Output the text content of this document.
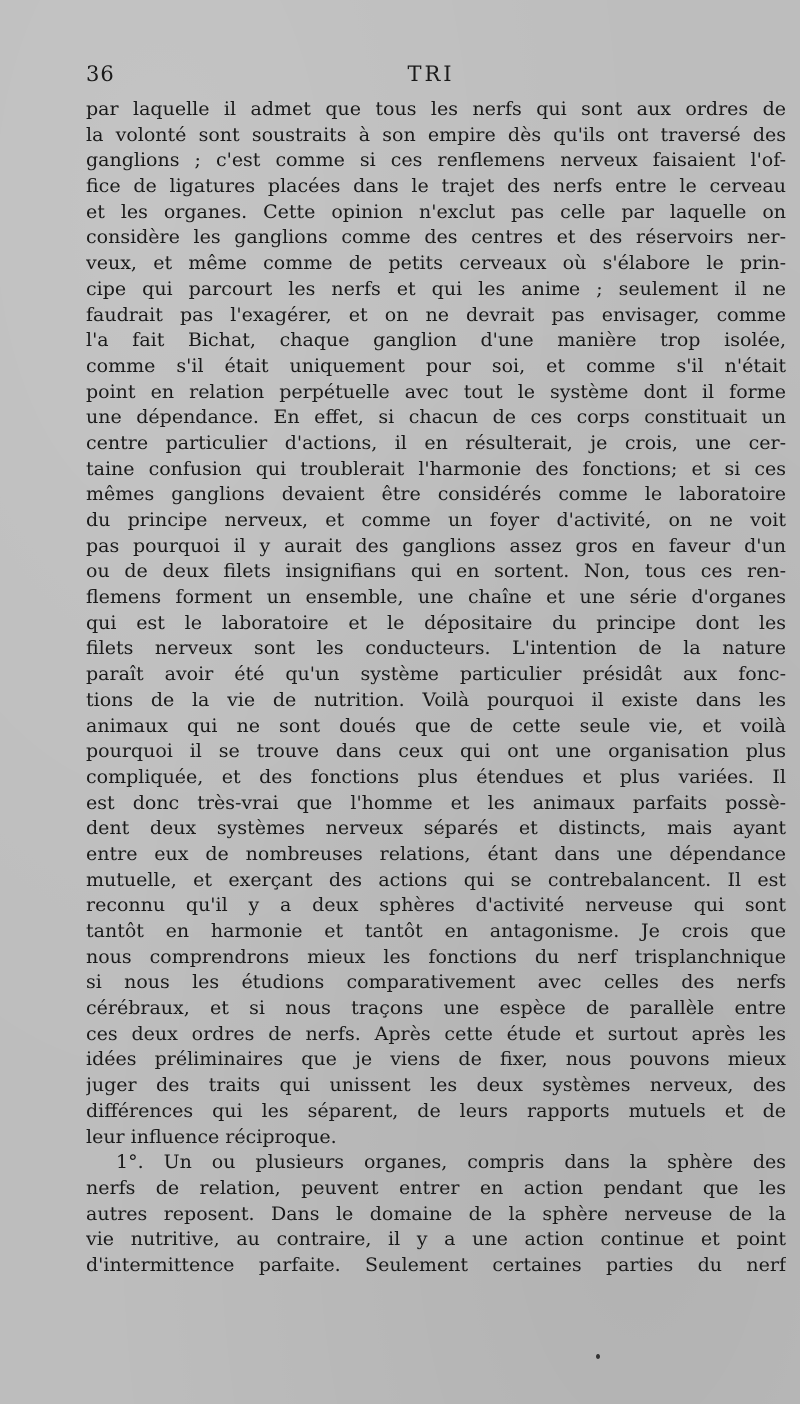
36	TRI
par laquelle il admet que tous les nerfs qui sont aux ordres de
la volonté sont soustraits à son empire dès qu'ils ont traversé des
ganglions ; c'est comme si ces renflemens nerveux faisaient l'of-
fice de ligatures placées dans le trajet des nerfs entre le cerveau
et les organes. Cette opinion n'exclut pas celle par laquelle on
considère les ganglions comme des centres et des réservoirs ner-
veux, et même comme de petits cerveaux où s'élabore le prin-
cipe qui parcourt les nerfs et qui les anime ; seulement il ne
faudrait pas l'exagérer, et on ne devrait pas envisager, comme
l'a fait Bichat, chaque ganglion d'une manière trop isolée,
comme s'il était uniquement pour soi, et comme s'il n'était
point en relation perpétuelle avec tout le système dont il forme
une dépendance. En effet, si chacun de ces corps constituait un
centre particulier d'actions, il en résulterait, je crois, une cer-
taine confusion qui troublerait l'harmonie des fonctions; et si ces
mêmes ganglions devaient être considérés comme le laboratoire
du principe nerveux, et comme un foyer d'activité, on ne voit
pas pourquoi il y aurait des ganglions assez gros en faveur d'un
ou de deux filets insignifians qui en sortent. Non, tous ces ren-
flemens forment un ensemble, une chaîne et une série d'organes
qui est le laboratoire et le dépositaire du principe dont les
filets nerveux sont les conducteurs. L'intention de la nature
paraît avoir été qu'un système particulier présidât aux fonc-
tions de la vie de nutrition. Voilà pourquoi il existe dans les
animaux qui ne sont doués que de cette seule vie, et voilà
pourquoi il se trouve dans ceux qui ont une organisation plus
compliquée, et des fonctions plus étendues et plus variées. Il
est donc très-vrai que l'homme et les animaux parfaits possè-
dent deux systèmes nerveux séparés et distincts, mais ayant
entre eux de nombreuses relations, étant dans une dépendance
mutuelle, et exerçant des actions qui se contrebalancent. Il est
reconnu qu'il y a deux sphères d'activité nerveuse qui sont
tantôt en harmonie et tantôt en antagonisme. Je crois que
nous comprendrons mieux les fonctions du nerf trisplanchnique
si nous les étudions comparativement avec celles des nerfs
cérébraux, et si nous traçons une espèce de parallèle entre
ces deux ordres de nerfs. Après cette étude et surtout après les
idées préliminaires que je viens de fixer, nous pouvons mieux
juger des traits qui unissent les deux systèmes nerveux, des
différences qui les séparent, de leurs rapports mutuels et de
leur influence réciproque.
1°. Un ou plusieurs organes, compris dans la sphère des
nerfs de relation, peuvent entrer en action pendant que les
autres reposent. Dans le domaine de la sphère nerveuse de la
vie nutritive, au contraire, il y a une action continue et point
d'intermittence parfaite. Seulement certaines parties du nerf
